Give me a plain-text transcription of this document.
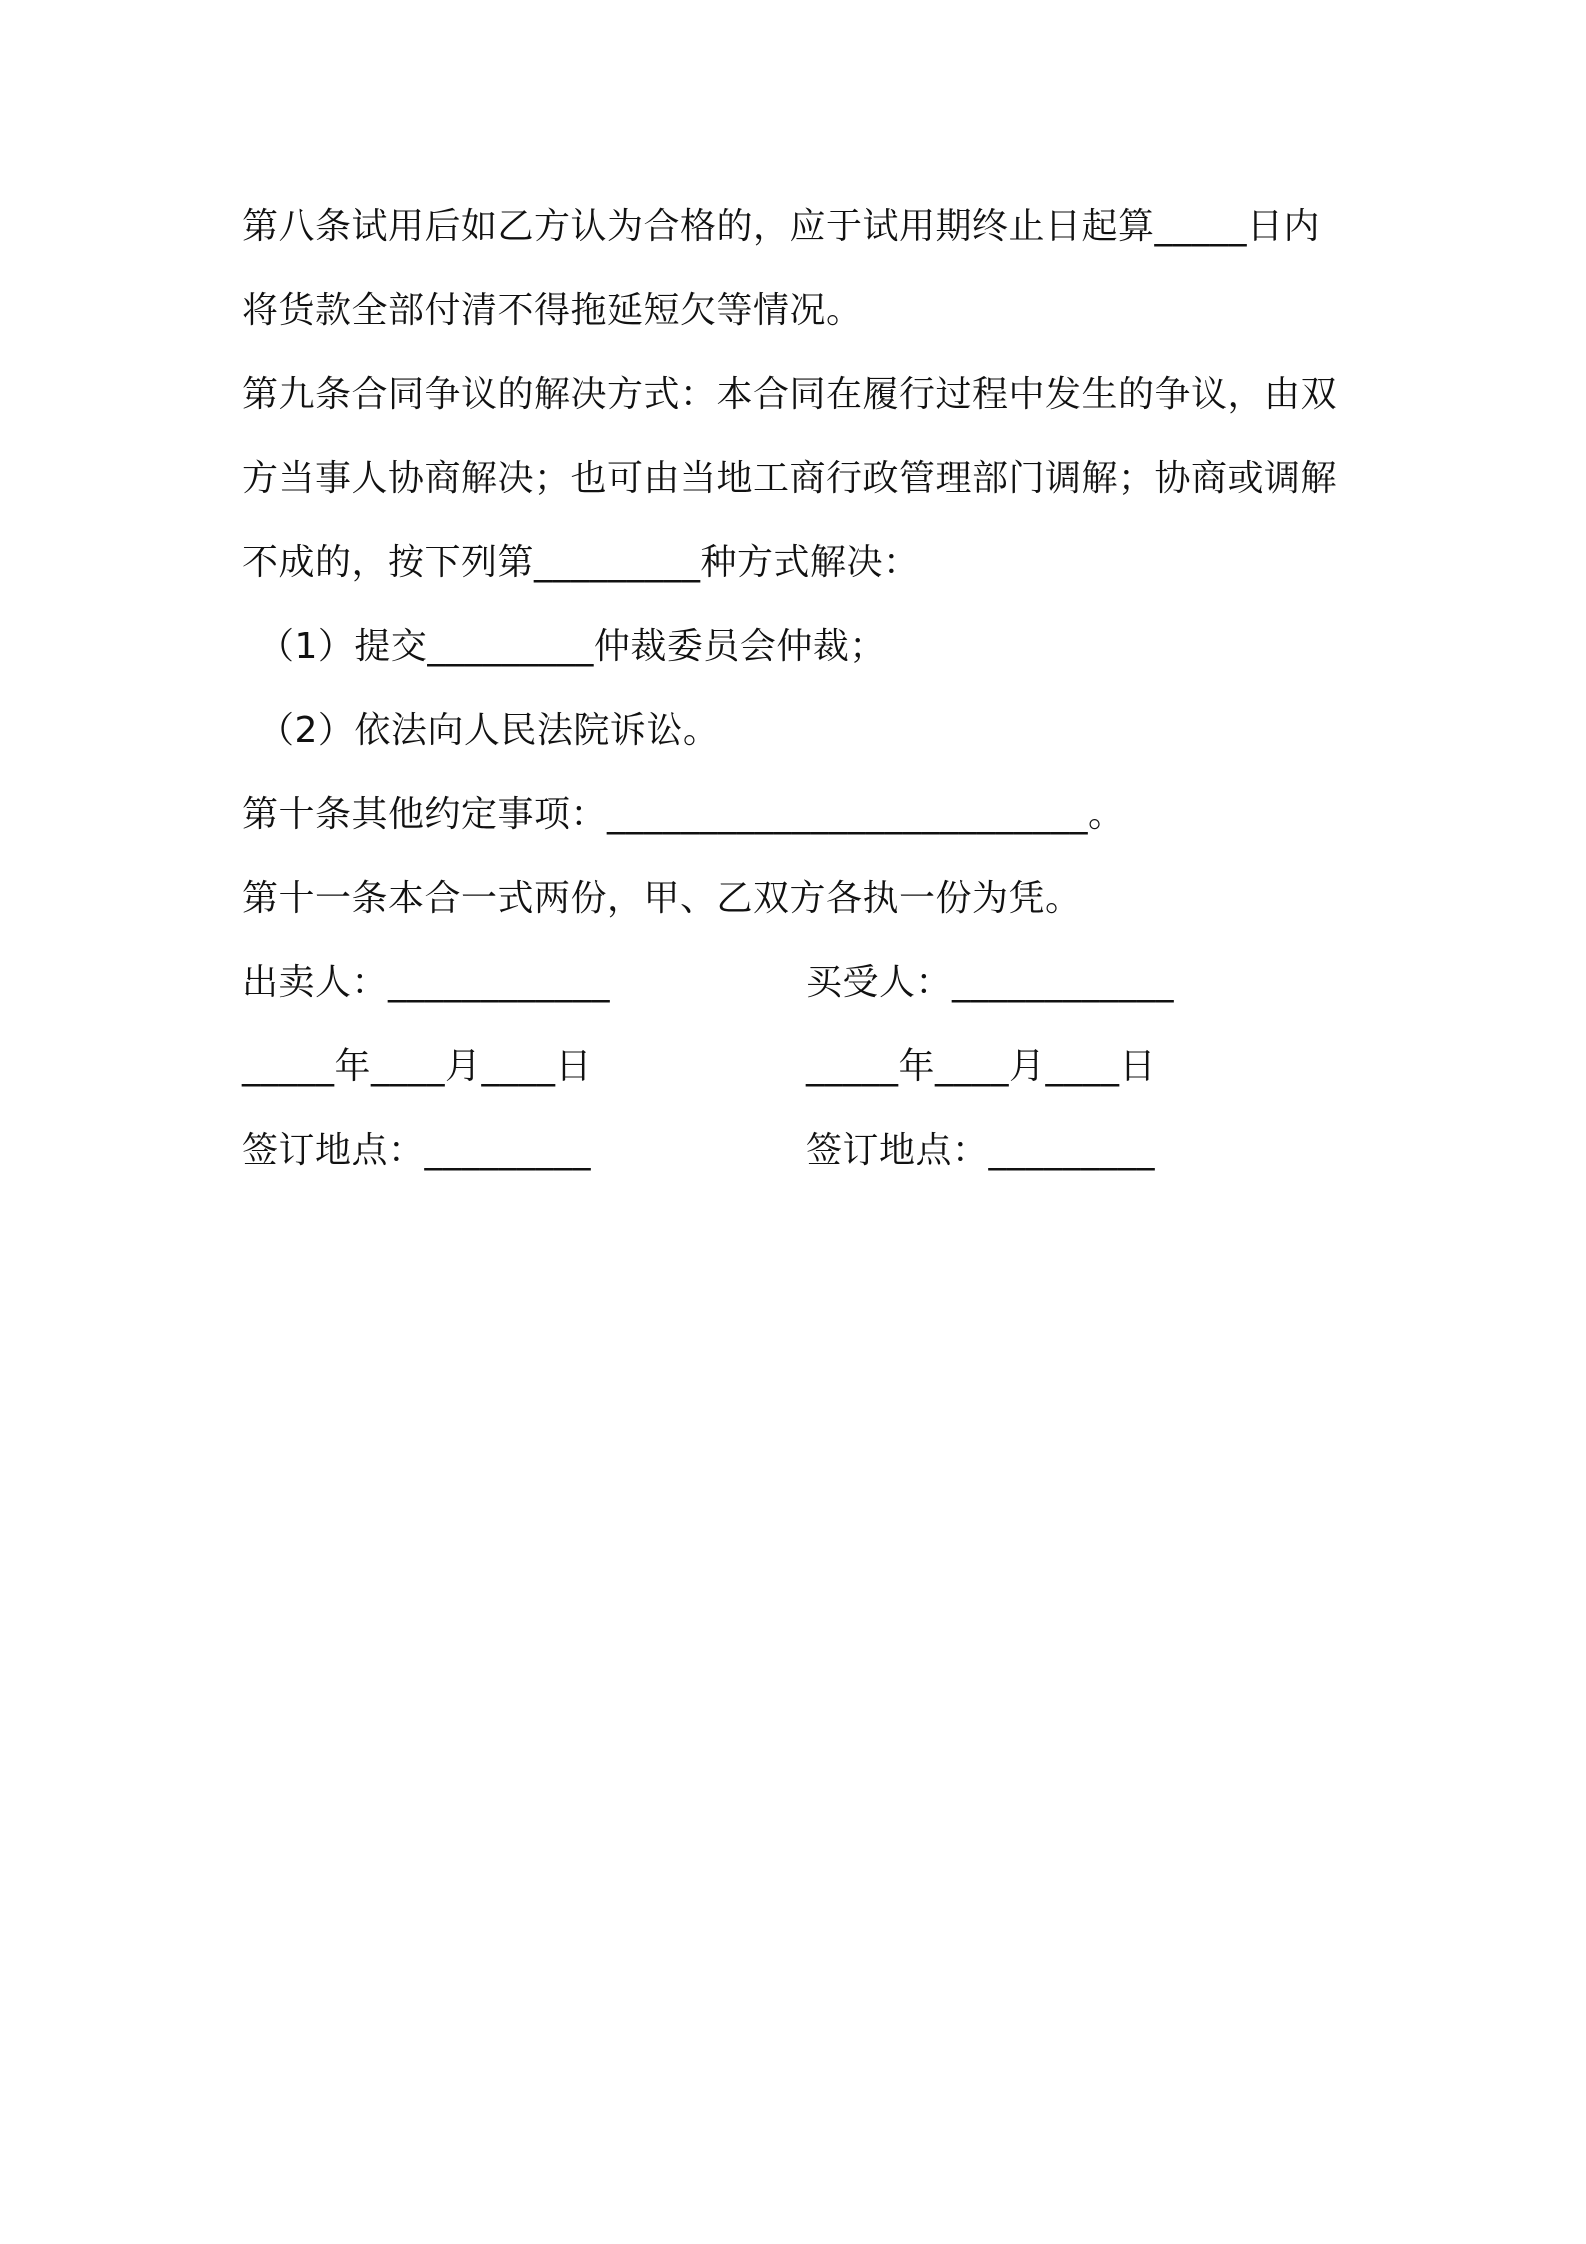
第八条试用后如乙方认为合格的，应于试用期终止日起算_____日内
将货款全部付清不得拖延短欠等情况。
第九条合同争议的解决方式：本合同在履行过程中发生的争议，由双
方当事人协商解决；也可由当地工商行政管理部门调解；协商或调解
不成的，按下列第_________种方式解决：
（1）提交_________仲裁委员会仲裁；
（2）依法向人民法院诉讼。
第十条其他约定事项：__________________________。
第十一条本合一式两份，甲、乙双方各执一份为凭。
出卖人：____________	买受人：____________
_____年____月____日	_____年____月____日
签订地点：_________	签订地点：_________
